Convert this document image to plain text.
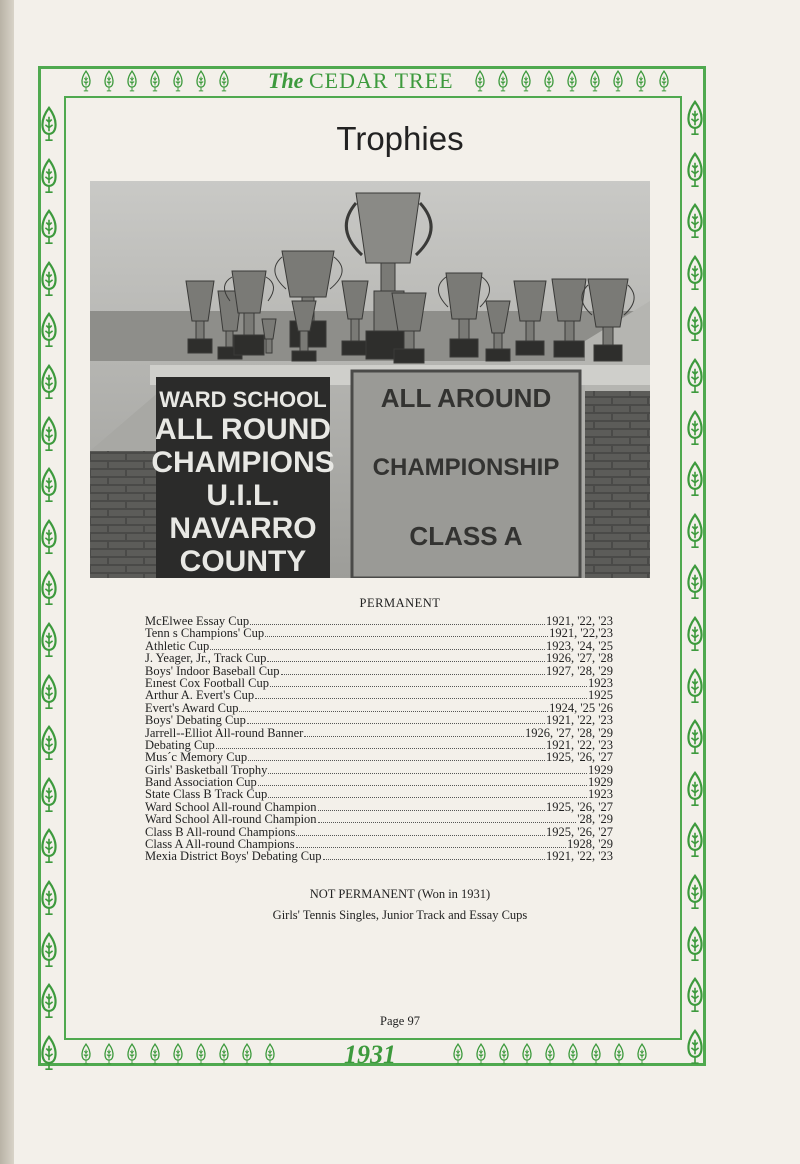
The CEDAR TREE
1931
Trophies
WARD SCHOOL
ALL ROUND
CHAMPIONS
U.I.L.
NAVARRO
COUNTY
ALL AROUND
CHAMPIONSHIP
CLASS A
PERMANENT
McElwee Essay Cup	1921, '22, '23
Tenn s Champions' Cup	1921, '22,'23
Athletic Cup	1923, '24, '25
J. Yeager, Jr., Track Cup	1926, '27, '28
Boys' Indoor Baseball Cup	1927, '28, '29
Eınest Cox Football Cup	1923
Arthur A. Evert's Cup	1925
Evert's Award Cup	1924, '25 '26
Boys' Debating Cup	1921, '22, '23
Jarrell--Elliot All-round Banner	1926, '27, '28, '29
Debating Cup	1921, '22, '23
Mus´c Memory Cup	1925, '26, '27
Girls' Basketball Trophy	1929
Band Association Cup	1929
State Class B Track Cup	1923
Ward School All-round Champion	1925, '26, '27
Ward School All-round Champion	'28, '29
Class B All-round Champions	1925, '26, '27
Class A All-round Champions	1928, '29
Mexia District Boys' Debating Cup	1921, '22, '23
NOT PERMANENT (Won in 1931)
Girls' Tennis Singles, Junior Track and Essay Cups
Page 97
